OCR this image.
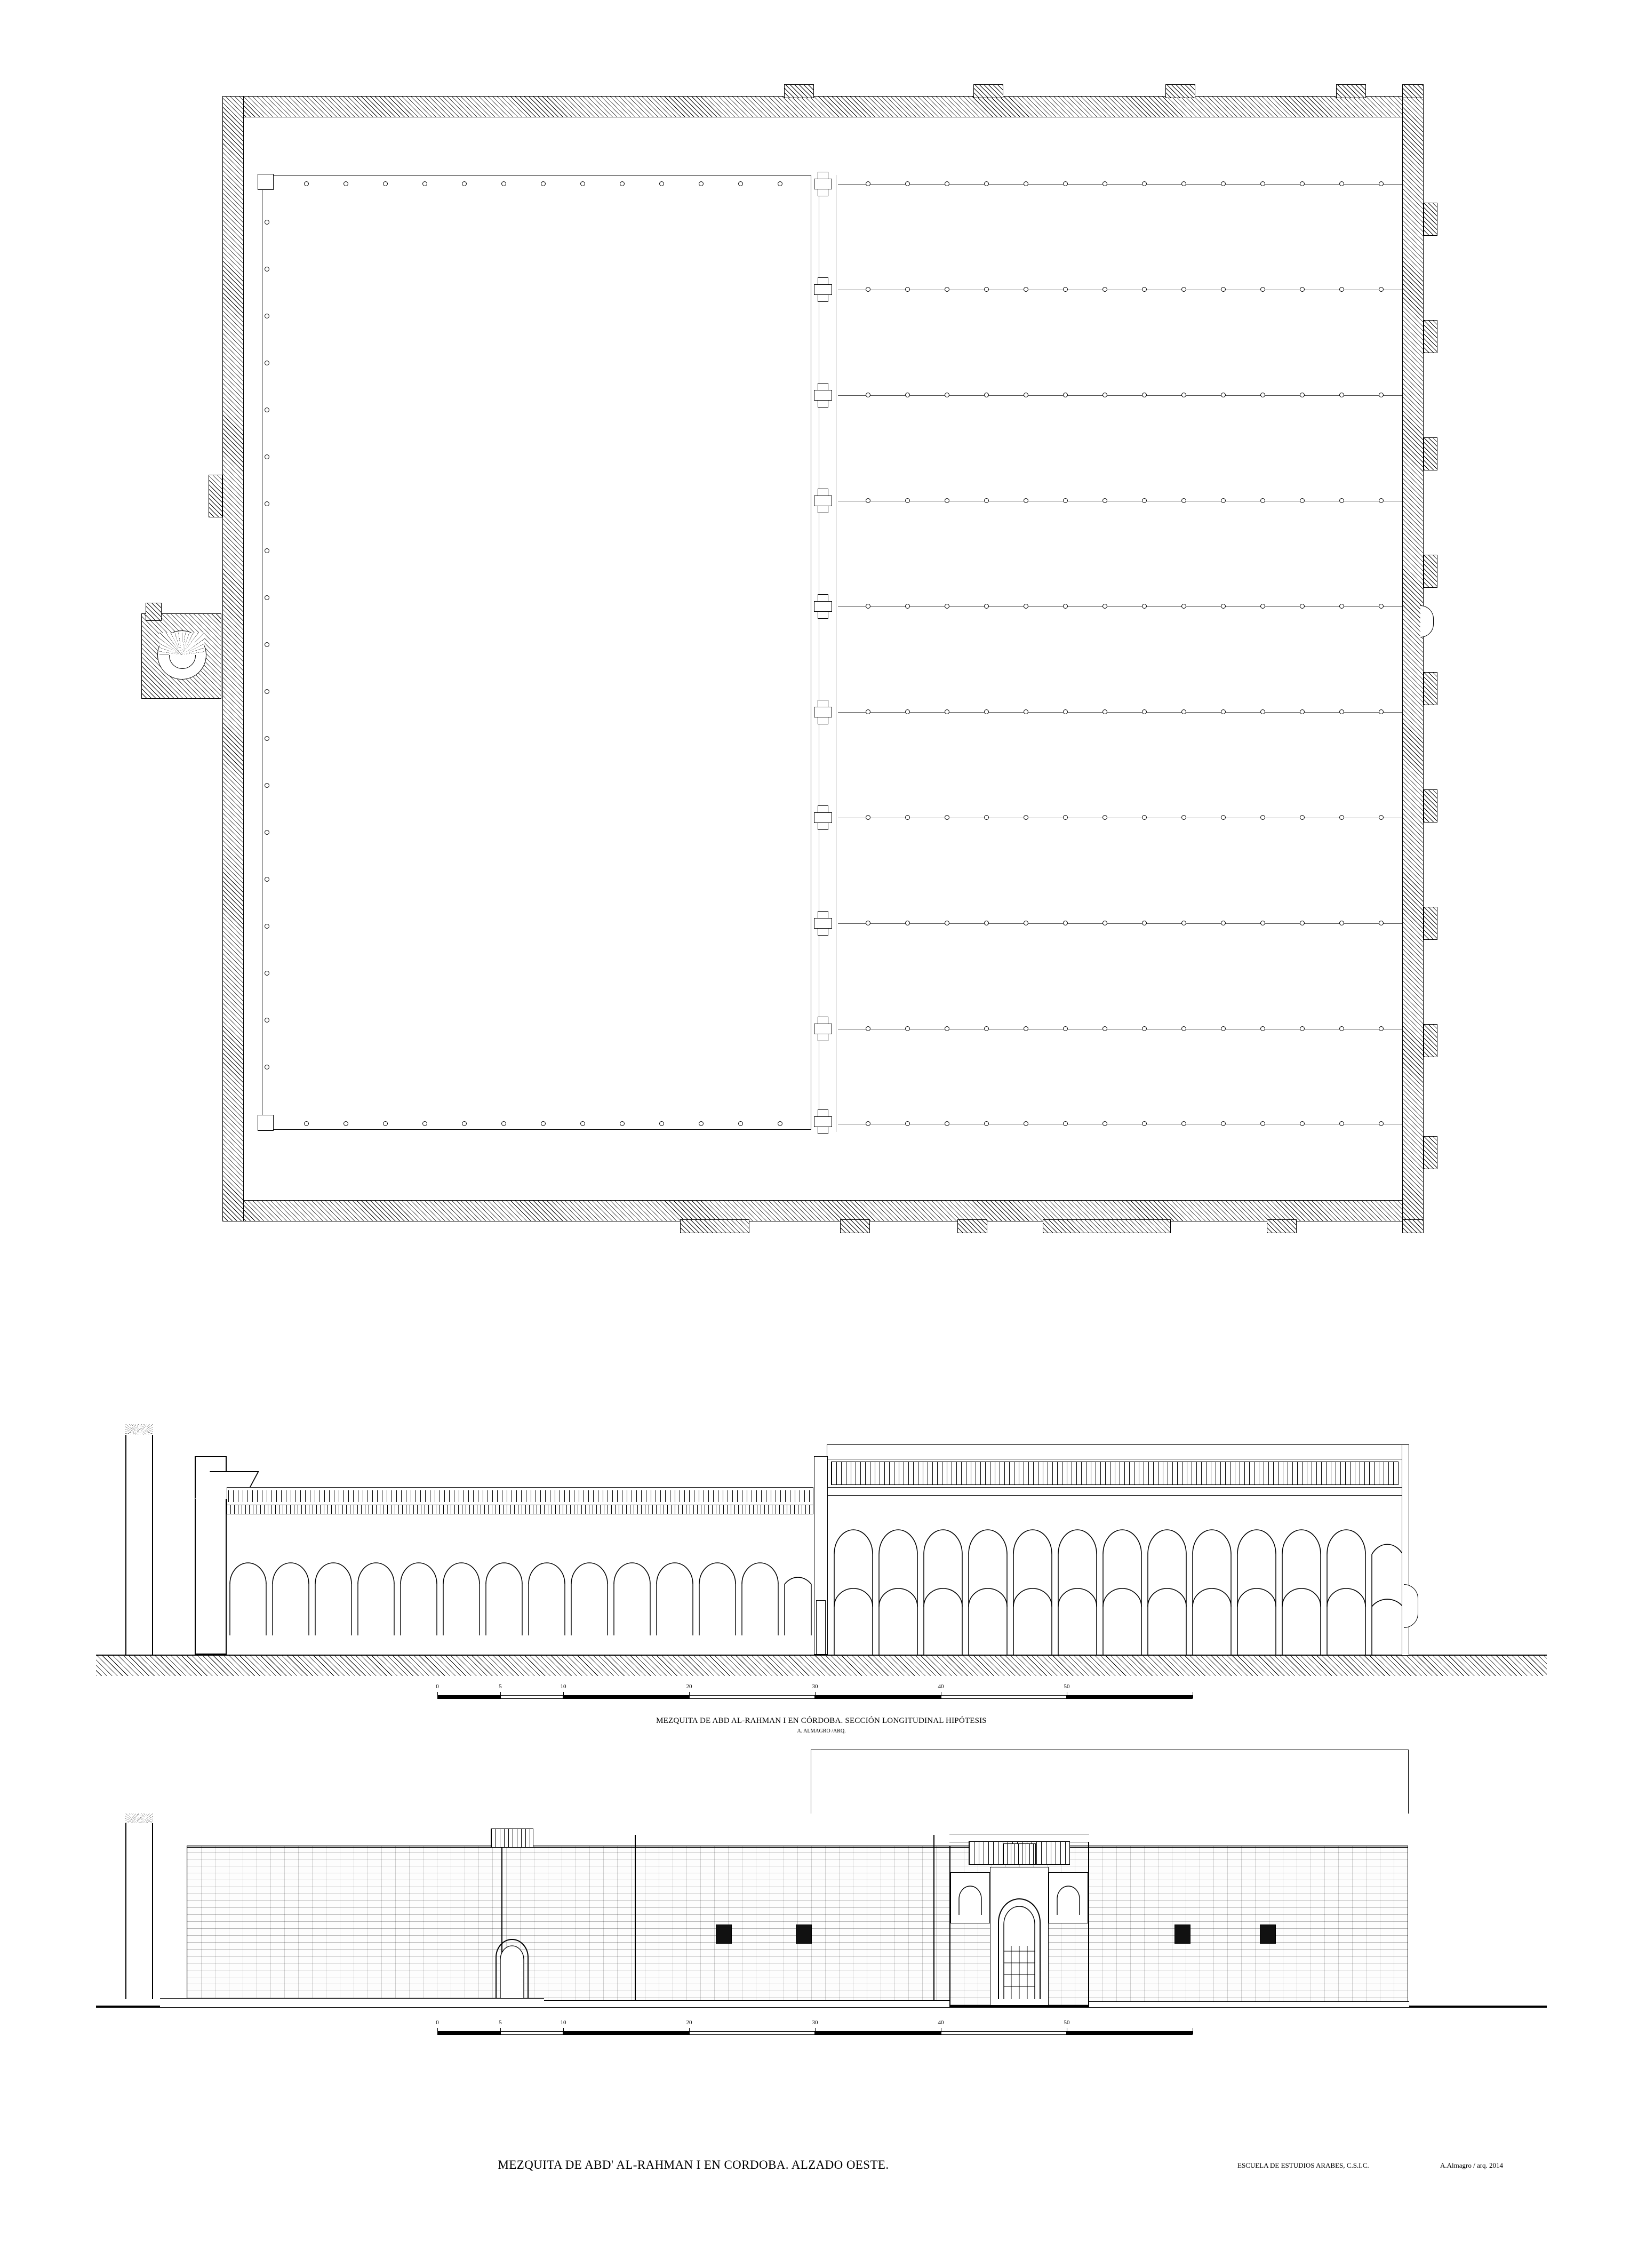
0	5	10	20	30	40	50
MEZQUITA DE ABD AL-RAHMAN I EN CÓRDOBA. SECCIÓN LONGITUDINAL HIPÓTESIS
A. ALMAGRO /ARQ.
0	5	10	20	30	40	50
MEZQUITA DE ABD' AL-RAHMAN I EN CORDOBA. ALZADO OESTE.	ESCUELA DE ESTUDIOS ARABES, C.S.I.C.	A.Almagro / arq. 2014
